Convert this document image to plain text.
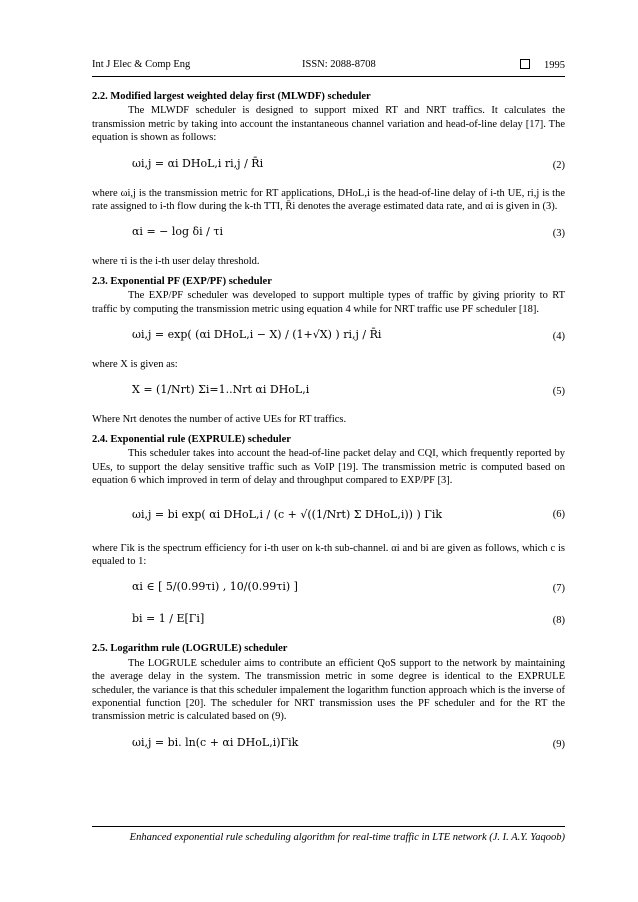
Int J Elec & Comp Eng	ISSN: 2088-8708	1995
2.2. Modified largest weighted delay first (MLWDF) scheduler

The MLWDF scheduler is designed to support mixed RT and NRT traffics. It calculates the transmission metric by taking into account the instantaneous channel variation and head-of-line delay [17]. The equation is shown as follows:

ωi,j = αi DHoL,i ri,j / R̄i	(2)

where ωi,j is the transmission metric for RT applications, DHoL,i is the head-of-line delay of i-th UE, ri,j is the rate assigned to i-th flow during the k-th TTI, R̄i denotes the average estimated data rate, and αi is given in (3).

αi = − log δi / τi	(3)

where τi is the i-th user delay threshold.

2.3. Exponential PF (EXP/PF) scheduler

The EXP/PF scheduler was developed to support multiple types of traffic by giving priority to RT traffic by computing the transmission metric using equation 4 while for NRT traffic use PF scheduler [18].

ωi,j = exp( (αi DHoL,i − X) / (1+√X) ) ri,j / R̄i	(4)

where X is given as:

X = (1/Nrt) Σi=1..Nrt αi DHoL,i	(5)

Where Nrt denotes the number of active UEs for RT traffics.

2.4. Exponential rule (EXPRULE) scheduler

This scheduler takes into account the head-of-line packet delay and CQI, which frequently reported by UEs, to support the delay sensitive traffic such as VoIP [19]. The transmission metric is computed based on equation 6 which improved in term of delay and throughput compared to EXP/PF [3].

ωi,j = bi exp( αi DHoL,i / (c + √((1/Nrt) Σ DHoL,i)) ) Γik	(6)

where Γik is the spectrum efficiency for i-th user on k-th sub-channel. αi and bi are given as follows, which c is equaled to 1:

αi ∈ [ 5/(0.99τi) , 10/(0.99τi) ]	(7)
bi = 1 / E[Γi]	(8)
2.5. Logarithm rule (LOGRULE) scheduler

The LOGRULE scheduler aims to contribute an efficient QoS support to the network by maintaining the average delay in the system. The transmission metric in some degree is identical to the EXPRULE scheduler, the variance is that this scheduler impalement the logarithm function approach which is the inverse of exponential function [20]. The scheduler for NRT transmission uses the PF scheduler and for the RT the transmission metric is calculated based on (9).

ωi,j = bi. ln(c + αi DHoL,i)Γik	(9)
Enhanced exponential rule scheduling algorithm for real-time traffic in LTE network (J. I. A.Y. Yaqoob)
